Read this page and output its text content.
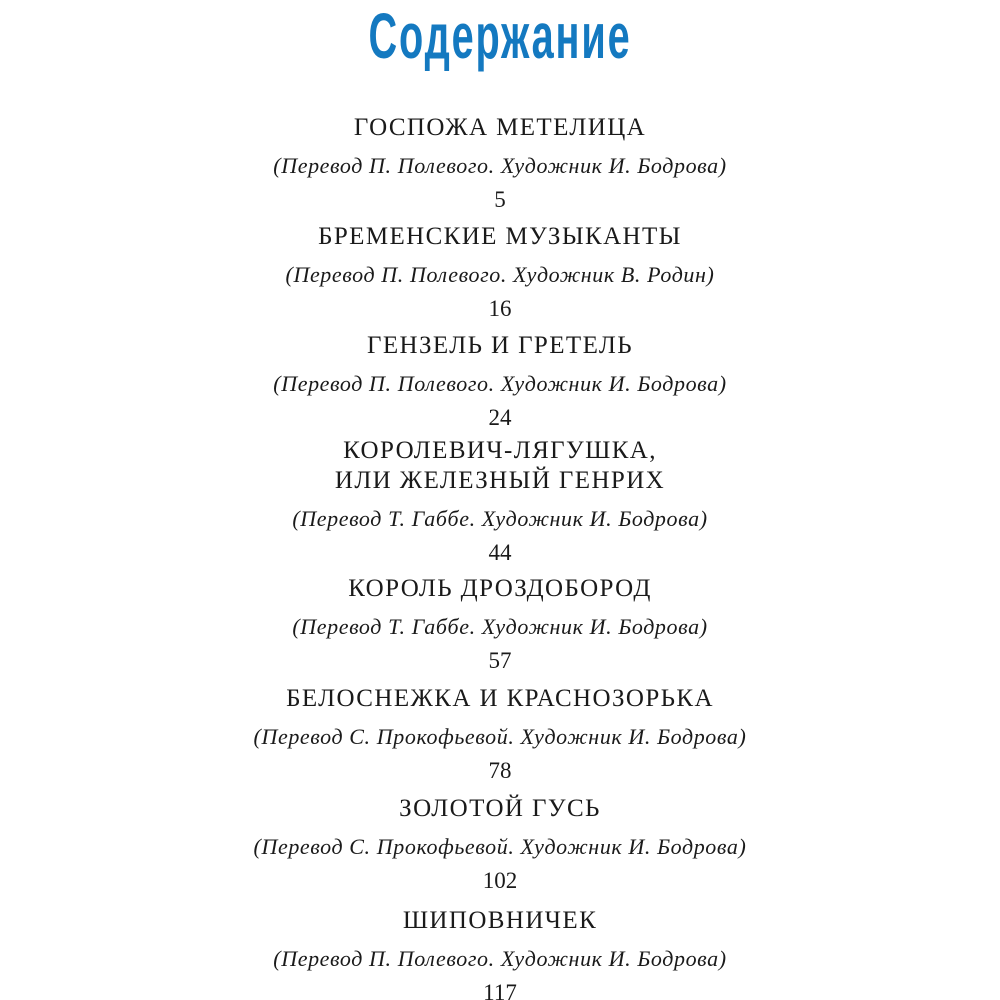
Содержание
ГОСПОЖА МЕТЕЛИЦА
(Перевод П. Полевого. Художник И. Бодрова)
5
БРЕМЕНСКИЕ МУЗЫКАНТЫ
(Перевод П. Полевого. Художник В. Родин)
16
ГЕНЗЕЛЬ И ГРЕТЕЛЬ
(Перевод П. Полевого. Художник И. Бодрова)
24
КОРОЛЕВИЧ-ЛЯГУШКА,
ИЛИ ЖЕЛЕЗНЫЙ ГЕНРИХ
(Перевод Т. Габбе. Художник И. Бодрова)
44
КОРОЛЬ ДРОЗДОБОРОД
(Перевод Т. Габбе. Художник И. Бодрова)
57
БЕЛОСНЕЖКА И КРАСНОЗОРЬКА
(Перевод С. Прокофьевой. Художник И. Бодрова)
78
ЗОЛОТОЙ ГУСЬ
(Перевод С. Прокофьевой. Художник И. Бодрова)
102
ШИПОВНИЧЕК
(Перевод П. Полевого. Художник И. Бодрова)
117
